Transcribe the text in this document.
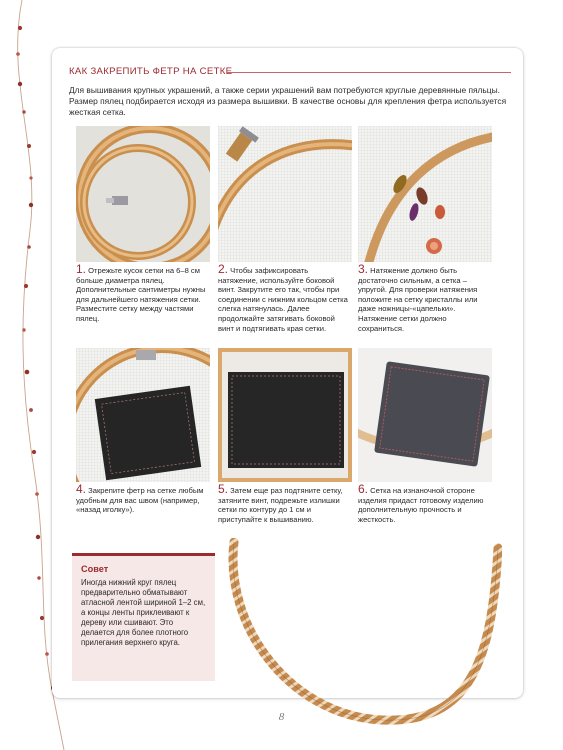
КАК ЗАКРЕПИТЬ ФЕТР НА СЕТКЕ
Для вышивания крупных украшений, а также серии украшений вам потребуются круглые деревянные пяльцы. Размер пялец подбирается исходя из размера вышивки. В качестве основы для крепления фетра используется жесткая сетка.
1. Отрежьте кусок сетки на 6–8 см больше диаметра пялец. Дополнительные сантиметры нужны для дальнейшего натяжения сетки. Разместите сетку между частями пялец.
2. Чтобы зафиксировать натяжение, используйте боковой винт. Закрутите его так, чтобы при соединении с нижним кольцом сетка слегка натянулась. Далее продолжайте затягивать боковой винт и подтягивать края сетки.
3. Натяжение должно быть достаточно сильным, а сетка – упругой. Для проверки натяжения положите на сетку кристаллы или даже ножницы-«цапельки». Натяжение сетки должно сохраниться.
4. Закрепите фетр на сетке любым удобным для вас швом (например, «назад иголку»).
5. Затем еще раз подтяните сетку, затяните винт, подрежьте излишки сетки по контуру до 1 см и приступайте к вышиванию.
6. Сетка на изнаночной стороне изделия придаст готовому изделию дополнительную прочность и жесткость.
Совет
Иногда нижний круг пялец предварительно обматывают атласной лентой шириной 1–2 см, а концы ленты приклеивают к дереву или сшивают. Это делается для более плотного прилегания верхнего круга.
8
